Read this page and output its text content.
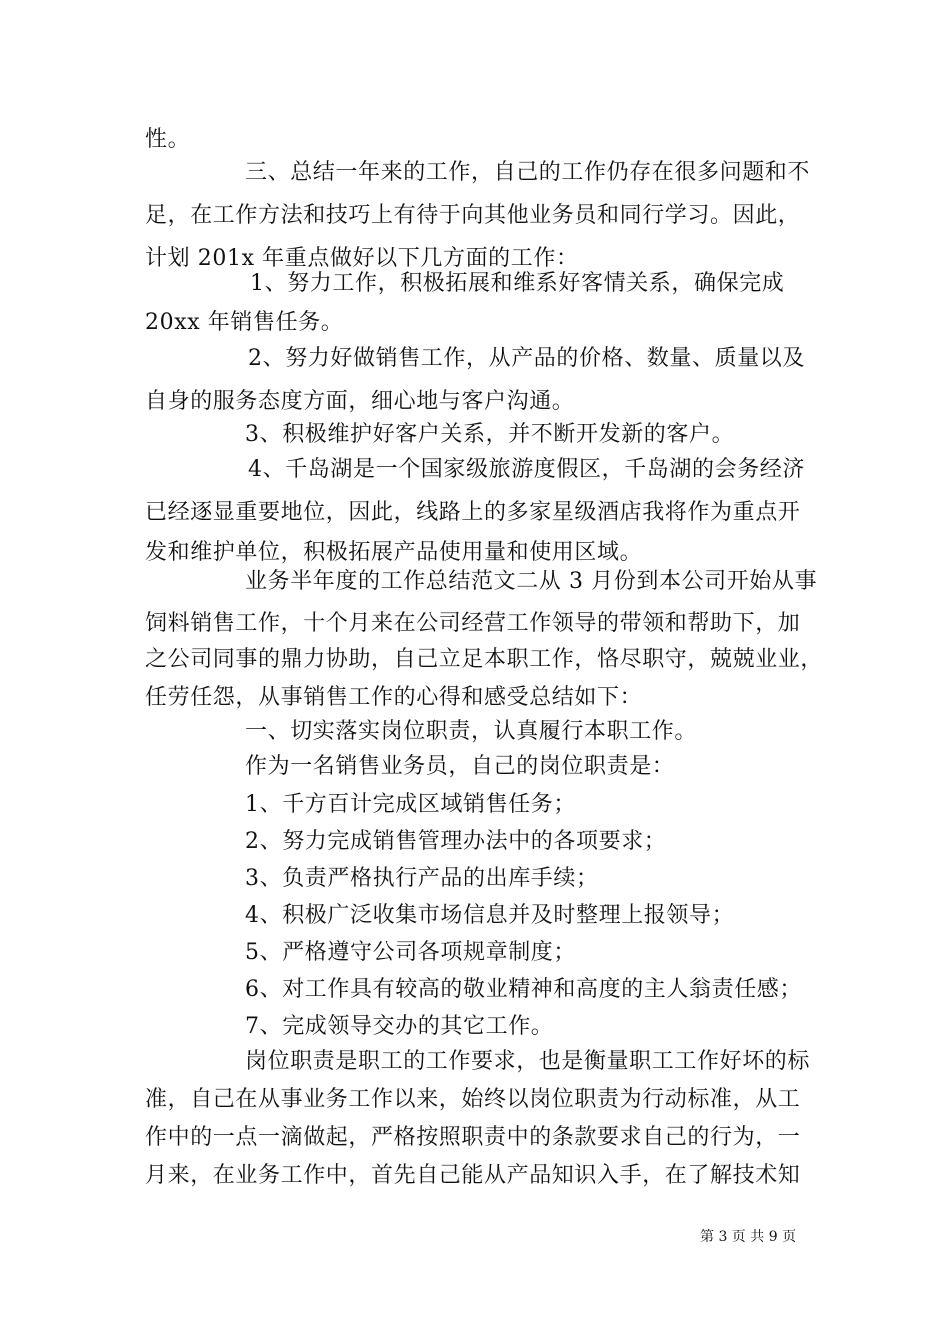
性。
三、总结一年来的工作，自己的工作仍存在很多问题和不
足，在工作方法和技巧上有待于向其他业务员和同行学习。因此，
计划 201x 年重点做好以下几方面的工作：
1、努力工作，积极拓展和维系好客情关系，确保完成
20xx 年销售任务。
2、努力好做销售工作，从产品的价格、数量、质量以及
自身的服务态度方面，细心地与客户沟通。
3、积极维护好客户关系，并不断开发新的客户。
4、千岛湖是一个国家级旅游度假区，千岛湖的会务经济
已经逐显重要地位，因此，线路上的多家星级酒店我将作为重点开
发和维护单位，积极拓展产品使用量和使用区域。
业务半年度的工作总结范文二从 3 月份到本公司开始从事
饲料销售工作，十个月来在公司经营工作领导的带领和帮助下，加
之公司同事的鼎力协助，自己立足本职工作，恪尽职守，兢兢业业，
任劳任怨，从事销售工作的心得和感受总结如下：
一、切实落实岗位职责，认真履行本职工作。
作为一名销售业务员，自己的岗位职责是：
1、千方百计完成区域销售任务；
2、努力完成销售管理办法中的各项要求；
3、负责严格执行产品的出库手续；
4、积极广泛收集市场信息并及时整理上报领导；
5、严格遵守公司各项规章制度；
6、对工作具有较高的敬业精神和高度的主人翁责任感；
7、完成领导交办的其它工作。
岗位职责是职工的工作要求，也是衡量职工工作好坏的标
准，自己在从事业务工作以来，始终以岗位职责为行动标准，从工
作中的一点一滴做起，严格按照职责中的条款要求自己的行为，一
月来，在业务工作中，首先自己能从产品知识入手，在了解技术知
第 3 页 共 9 页
